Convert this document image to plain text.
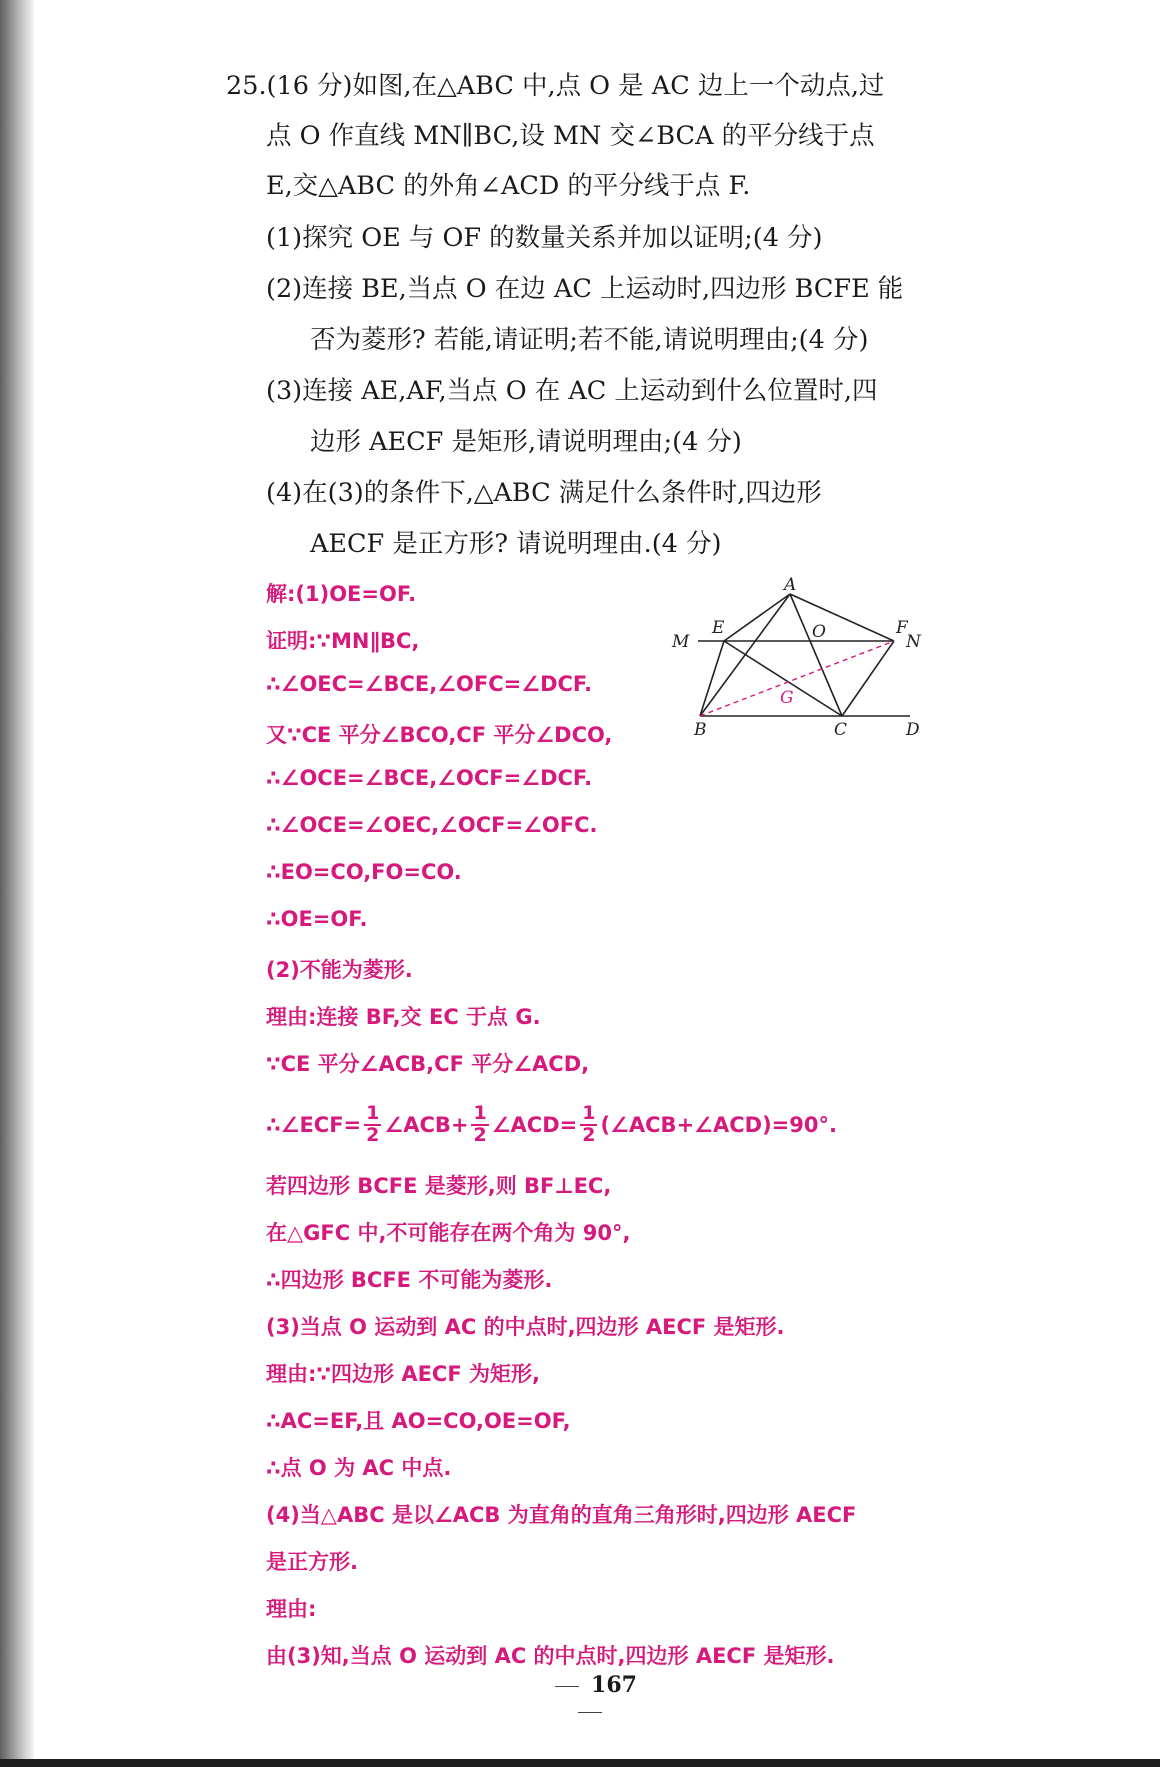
25.(16 分)如图,在△ABC 中,点 O 是 AC 边上一个动点,过
点 O 作直线 MN∥BC,设 MN 交∠BCA 的平分线于点
E,交△ABC 的外角∠ACD 的平分线于点 F.
(1)探究 OE 与 OF 的数量关系并加以证明;(4 分)
(2)连接 BE,当点 O 在边 AC 上运动时,四边形 BCFE 能
否为菱形? 若能,请证明;若不能,请说明理由;(4 分)
(3)连接 AE,AF,当点 O 在 AC 上运动到什么位置时,四
边形 AECF 是矩形,请说明理由;(4 分)
(4)在(3)的条件下,△ABC 满足什么条件时,四边形
AECF 是正方形? 请说明理由.(4 分)
A
M
E	O	F
N
G
B	C	D
解:(1)OE=OF.
证明:∵MN∥BC,
∴∠OEC=∠BCE,∠OFC=∠DCF.
又∵CE 平分∠BCO,CF 平分∠DCO,
∴∠OCE=∠BCE,∠OCF=∠DCF.
∴∠OCE=∠OEC,∠OCF=∠OFC.
∴EO=CO,FO=CO.
∴OE=OF.
(2)不能为菱形.
理由:连接 BF,交 EC 于点 G.
∵CE 平分∠ACB,CF 平分∠ACD,
∴∠ECF= $\frac{1}{2}$ ∠ACB+ $\frac{1}{2}$ ∠ACD= $\frac{1}{2}$ (∠ACB+∠ACD)=90°.
若四边形 BCFE 是菱形,则 BF⊥EC,
在△GFC 中,不可能存在两个角为 90°,
∴四边形 BCFE 不可能为菱形.
(3)当点 O 运动到 AC 的中点时,四边形 AECF 是矩形.
理由:∵四边形 AECF 为矩形,
∴AC=EF,且 AO=CO,OE=OF,
∴点 O 为 AC 中点.
(4)当△ABC 是以∠ACB 为直角的直角三角形时,四边形 AECF
是正方形.
理由:
由(3)知,当点 O 运动到 AC 的中点时,四边形 AECF 是矩形.
167
